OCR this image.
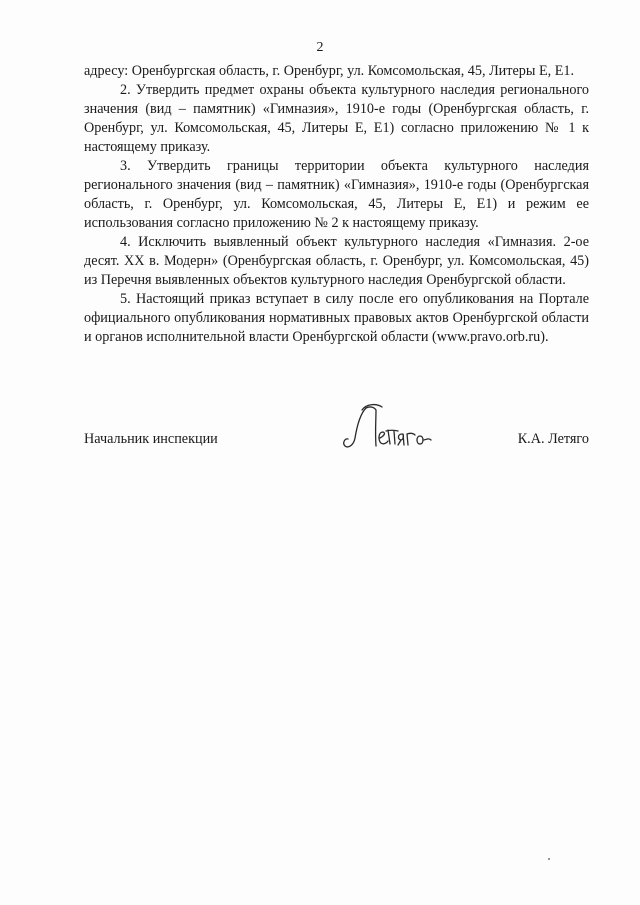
2

адресу: Оренбургская область, г. Оренбург, ул. Комсомольская, 45, Литеры Е, Е1.

2. Утвердить предмет охраны объекта культурного наследия регионального значения (вид – памятник) «Гимназия», 1910-е годы (Оренбургская область, г. Оренбург, ул. Комсомольская, 45, Литеры Е, Е1) согласно приложению № 1 к настоящему приказу.

3. Утвердить границы территории объекта культурного наследия регионального значения (вид – памятник) «Гимназия», 1910-е годы (Оренбургская область, г. Оренбург, ул. Комсомольская, 45, Литеры Е, Е1) и режим ее использования согласно приложению № 2 к настоящему приказу.

4. Исключить выявленный объект культурного наследия «Гимназия. 2-ое десят. XX в. Модерн» (Оренбургская область, г. Оренбург, ул. Комсомольская, 45) из Перечня выявленных объектов культурного наследия Оренбургской области.

5. Настоящий приказ вступает в силу после его опубликования на Портале официального опубликования нормативных правовых актов Оренбургской области и органов исполнительной власти Оренбургской области (www.pravo.orb.ru).

Начальник инспекции	К.А. Летяго
